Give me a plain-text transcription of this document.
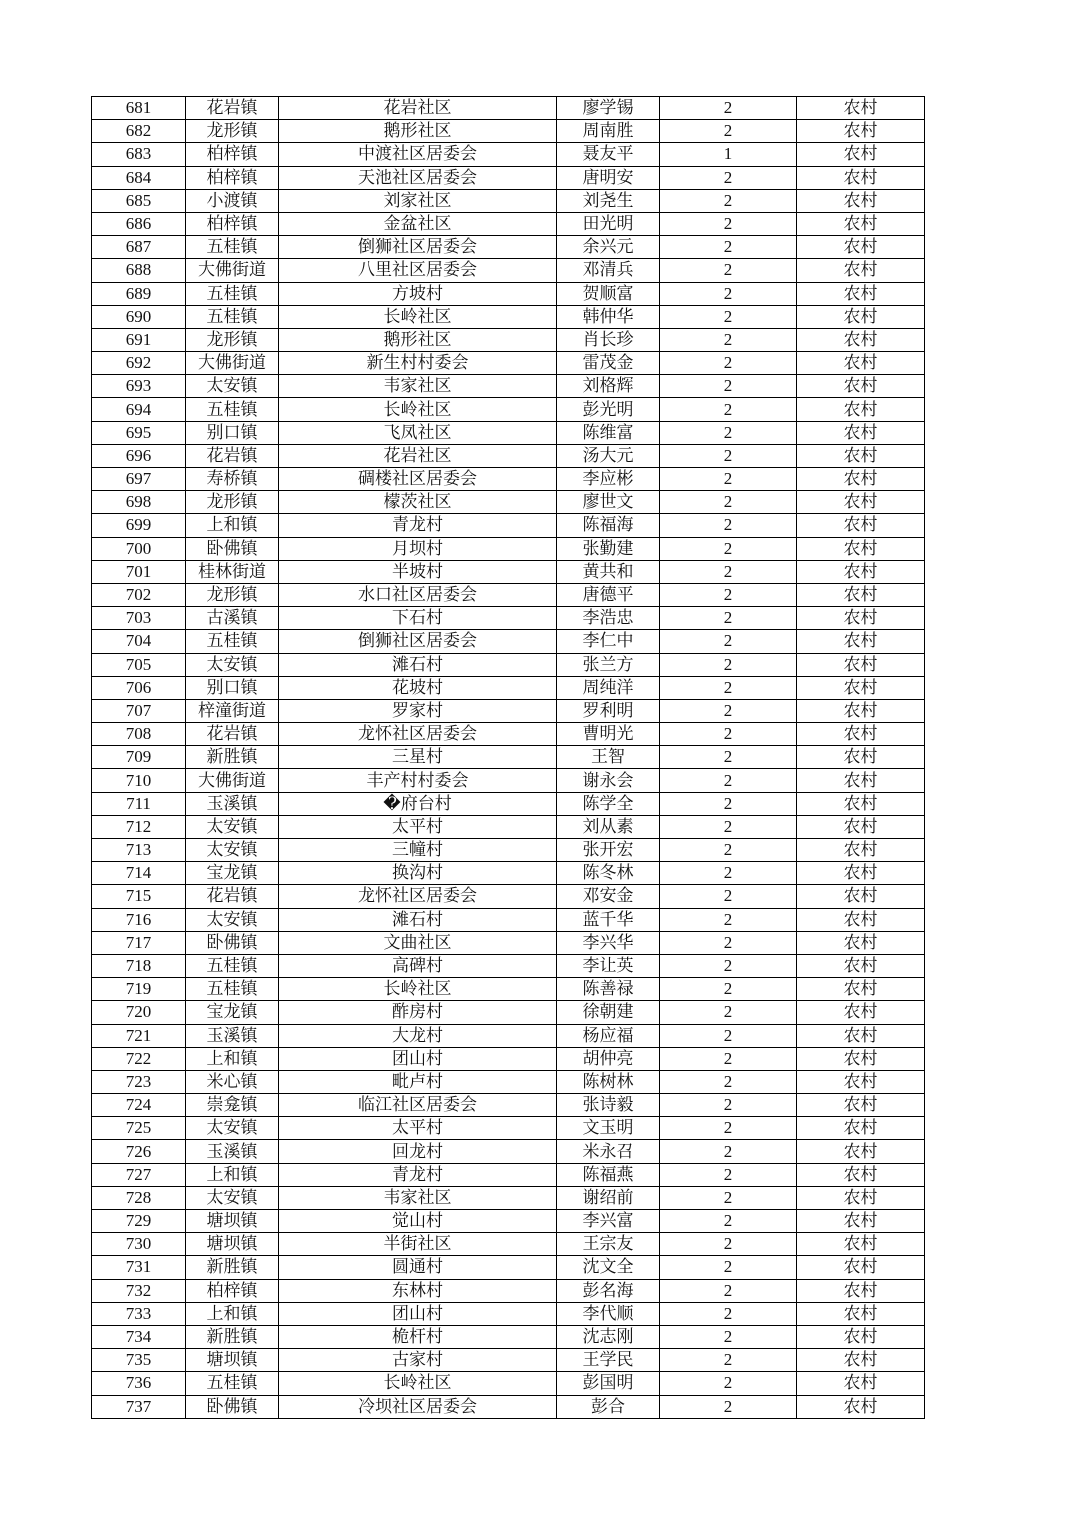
681	花岩镇	花岩社区	廖学锡	2	农村
682	龙形镇	鹅形社区	周南胜	2	农村
683	柏梓镇	中渡社区居委会	聂友平	1	农村
684	柏梓镇	天池社区居委会	唐明安	2	农村
685	小渡镇	刘家社区	刘尧生	2	农村
686	柏梓镇	金盆社区	田光明	2	农村
687	五桂镇	倒狮社区居委会	余兴元	2	农村
688	大佛街道	八里社区居委会	邓清兵	2	农村
689	五桂镇	方坡村	贺顺富	2	农村
690	五桂镇	长岭社区	韩仲华	2	农村
691	龙形镇	鹅形社区	肖长珍	2	农村
692	大佛街道	新生村村委会	雷茂金	2	农村
693	太安镇	韦家社区	刘格辉	2	农村
694	五桂镇	长岭社区	彭光明	2	农村
695	别口镇	飞凤社区	陈维富	2	农村
696	花岩镇	花岩社区	汤大元	2	农村
697	寿桥镇	碉楼社区居委会	李应彬	2	农村
698	龙形镇	檬茨社区	廖世文	2	农村
699	上和镇	青龙村	陈福海	2	农村
700	卧佛镇	月坝村	张勤建	2	农村
701	桂林街道	半坡村	黄共和	2	农村
702	龙形镇	水口社区居委会	唐德平	2	农村
703	古溪镇	下石村	李浩忠	2	农村
704	五桂镇	倒狮社区居委会	李仁中	2	农村
705	太安镇	滩石村	张兰方	2	农村
706	别口镇	花坡村	周纯洋	2	农村
707	梓潼街道	罗家村	罗利明	2	农村
708	花岩镇	龙怀社区居委会	曹明光	2	农村
709	新胜镇	三星村	王智	2	农村
710	大佛街道	丰产村村委会	谢永会	2	农村
711	玉溪镇	�府台村	陈学全	2	农村
712	太安镇	太平村	刘从素	2	农村
713	太安镇	三幢村	张开宏	2	农村
714	宝龙镇	换沟村	陈冬林	2	农村
715	花岩镇	龙怀社区居委会	邓安金	2	农村
716	太安镇	滩石村	蓝千华	2	农村
717	卧佛镇	文曲社区	李兴华	2	农村
718	五桂镇	高碑村	李让英	2	农村
719	五桂镇	长岭社区	陈善禄	2	农村
720	宝龙镇	酢房村	徐朝建	2	农村
721	玉溪镇	大龙村	杨应福	2	农村
722	上和镇	团山村	胡仲亮	2	农村
723	米心镇	毗卢村	陈树林	2	农村
724	崇龛镇	临江社区居委会	张诗毅	2	农村
725	太安镇	太平村	文玉明	2	农村
726	玉溪镇	回龙村	米永召	2	农村
727	上和镇	青龙村	陈福燕	2	农村
728	太安镇	韦家社区	谢绍前	2	农村
729	塘坝镇	觉山村	李兴富	2	农村
730	塘坝镇	半街社区	王宗友	2	农村
731	新胜镇	圆通村	沈文全	2	农村
732	柏梓镇	东林村	彭名海	2	农村
733	上和镇	团山村	李代顺	2	农村
734	新胜镇	桅杆村	沈志刚	2	农村
735	塘坝镇	古家村	王学民	2	农村
736	五桂镇	长岭社区	彭国明	2	农村
737	卧佛镇	冷坝社区居委会	彭合	2	农村
